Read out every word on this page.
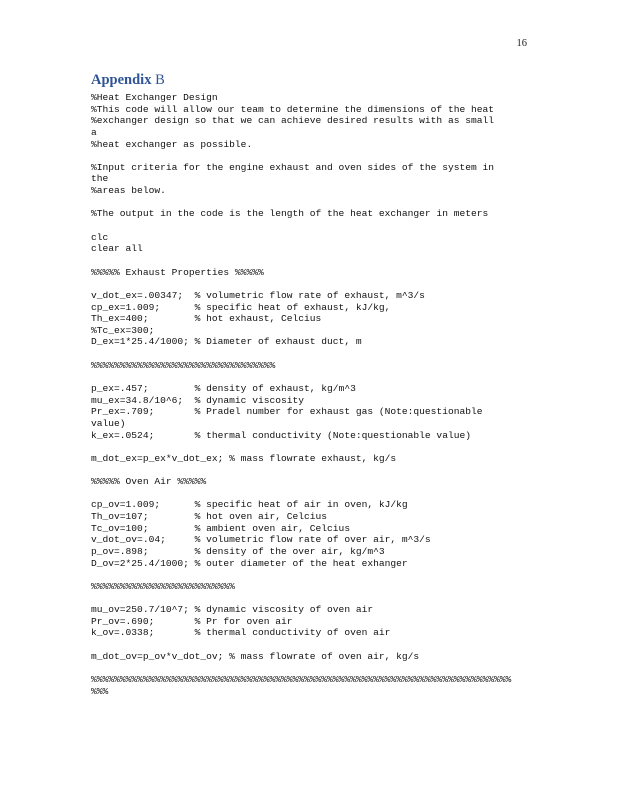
16
Appendix B
%Heat Exchanger Design
%This code will allow our team to determine the dimensions of the heat
%exchanger design so that we can achieve desired results with as small
a
%heat exchanger as possible.
%Input criteria for the engine exhaust and oven sides of the system in
the
%areas below.
%The output in the code is the length of the heat exchanger in meters
clc
clear all
%%%%% Exhaust Properties %%%%%
v_dot_ex=.00347;  % volumetric flow rate of exhaust, m^3/s
cp_ex=1.009;      % specific heat of exhaust, kJ/kg,
Th_ex=400;        % hot exhaust, Celcius
%Tc_ex=300;
D_ex=1*25.4/1000; % Diameter of exhaust duct, m
%%%%%%%%%%%%%%%%%%%%%%%%%%%%%%%%
p_ex=.457;        % density of exhaust, kg/m^3
mu_ex=34.8/10^6;  % dynamic viscosity
Pr_ex=.709;       % Pradel number for exhaust gas (Note:questionable
value)
k_ex=.0524;       % thermal conductivity (Note:questionable value)
m_dot_ex=p_ex*v_dot_ex; % mass flowrate exhaust, kg/s
%%%%% Oven Air %%%%%
cp_ov=1.009;      % specific heat of air in oven, kJ/kg
Th_ov=107;        % hot oven air, Celcius
Tc_ov=100;        % ambient oven air, Celcius
v_dot_ov=.04;     % volumetric flow rate of over air, m^3/s
p_ov=.898;        % density of the over air, kg/m^3
D_ov=2*25.4/1000; % outer diameter of the heat exhanger
%%%%%%%%%%%%%%%%%%%%%%%%%
mu_ov=250.7/10^7; % dynamic viscosity of oven air
Pr_ov=.690;       % Pr for oven air
k_ov=.0338;       % thermal conductivity of oven air
m_dot_ov=p_ov*v_dot_ov; % mass flowrate of oven air, kg/s
%%%%%%%%%%%%%%%%%%%%%%%%%%%%%%%%%%%%%%%%%%%%%%%%%%%%%%%%%%%%%%%%%%%%%%%%%
%%%
